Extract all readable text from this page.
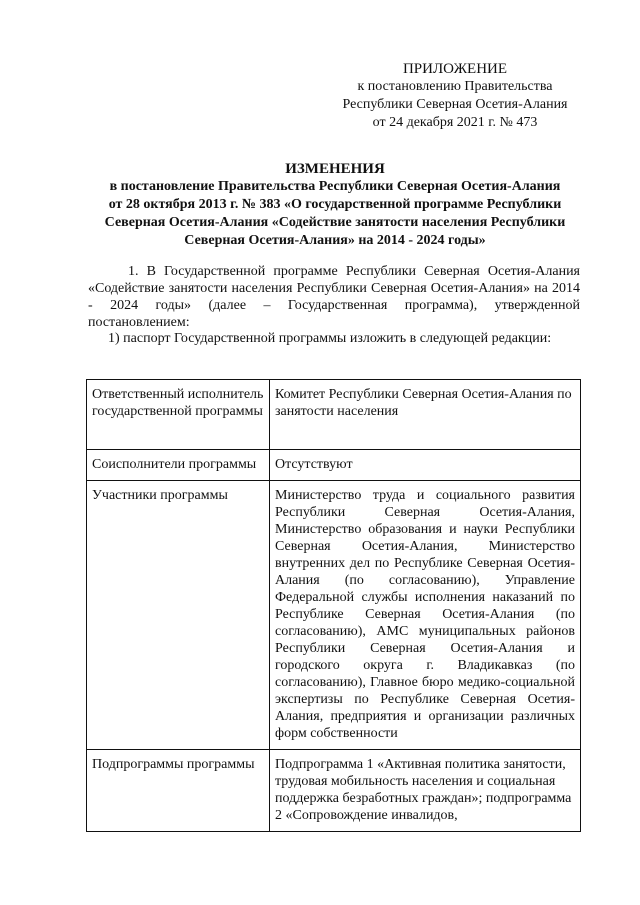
ПРИЛОЖЕНИЕ
к постановлению Правительства
Республики Северная Осетия-Алания
от 24 декабря 2021 г. № 473
ИЗМЕНЕНИЯ
в постановление Правительства Республики Северная Осетия-Алания
от 28 октября 2013 г. № 383 «О государственной программе Республики
Северная Осетия-Алания «Содействие занятости населения Республики
Северная Осетия-Алания» на 2014 - 2024 годы»
1. В Государственной программе Республики Северная Осетия-Алания «Содействие занятости населения Республики Северная Осетия-Алания» на 2014 - 2024 годы» (далее – Государственная программа), утвержденной постановлением:
1) паспорт Государственной программы изложить в следующей редакции:
Ответственный исполнитель государственной программы	Комитет Республики Северная Осетия-Алания по занятости населения
Соисполнители программы	Отсутствуют
Участники программы	Министерство труда и социального развития Республики Северная Осетия-Алания, Министерство образования и науки Республики Северная Осетия-Алания, Министерство внутренних дел по Республике Северная Осетия-Алания (по согласованию), Управление Федеральной службы исполнения наказаний по Республике Северная Осетия-Алания (по согласованию), АМС муниципальных районов Республики Северная Осетия-Алания и городского округа г. Владикавказ (по согласованию), Главное бюро медико-социальной экспертизы по Республике Северная Осетия-Алания, предприятия и организации различных форм собственности
Подпрограммы программы	Подпрограмма 1 «Активная политика занятости, трудовая мобильность населения и социальная поддержка безработных граждан»; подпрограмма 2 «Сопровождение инвалидов,
